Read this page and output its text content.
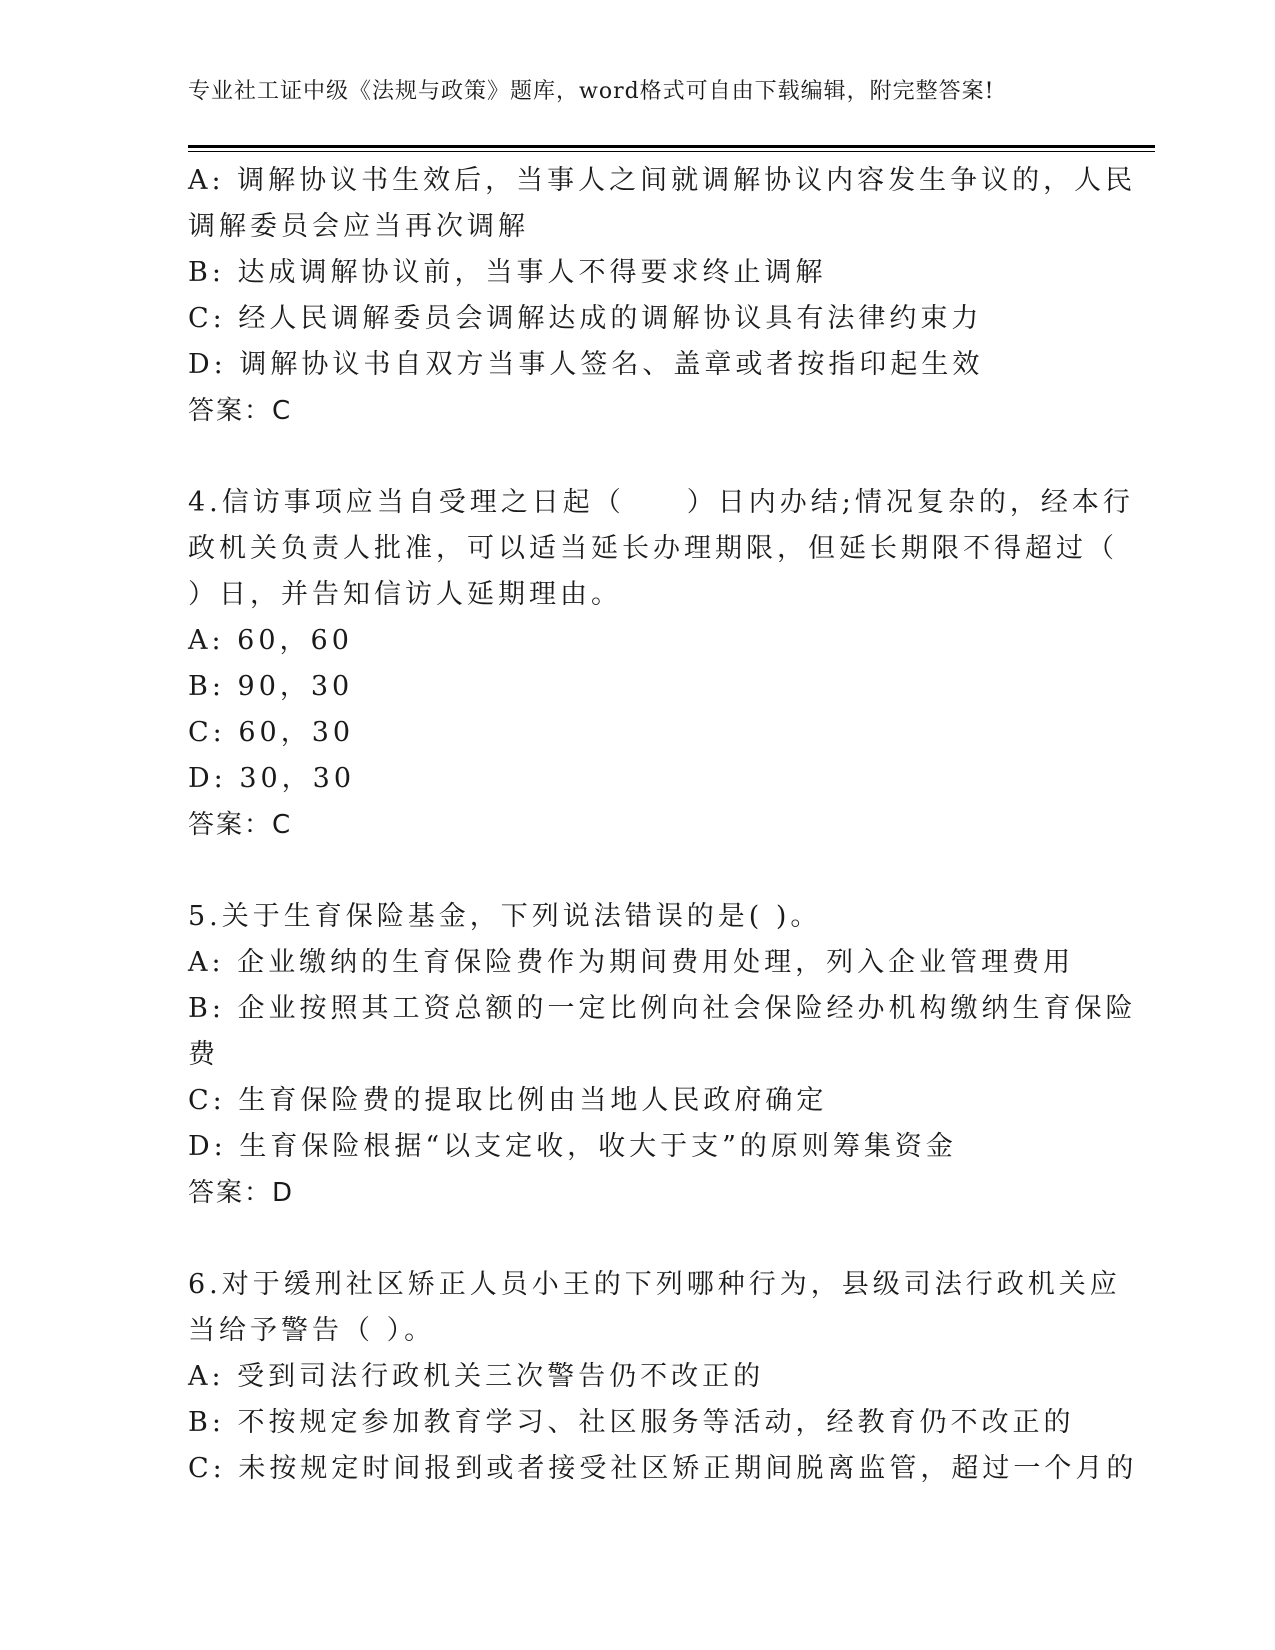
专业社工证中级《法规与政策》题库，word格式可自由下载编辑，附完整答案!
A: 调解协议书生效后，当事人之间就调解协议内容发生争议的，人民
调解委员会应当再次调解
B: 达成调解协议前，当事人不得要求终止调解
C: 经人民调解委员会调解达成的调解协议具有法律约束力
D: 调解协议书自双方当事人签名、盖章或者按指印起生效
答案：C
4.信访事项应当自受理之日起（　　）日内办结;情况复杂的，经本行
政机关负责人批准，可以适当延长办理期限，但延长期限不得超过（
）日，并告知信访人延期理由。
A: 60，60
B: 90，30
C: 60，30
D: 30，30
答案：C
5.关于生育保险基金，下列说法错误的是( )。
A: 企业缴纳的生育保险费作为期间费用处理，列入企业管理费用
B: 企业按照其工资总额的一定比例向社会保险经办机构缴纳生育保险
费
C: 生育保险费的提取比例由当地人民政府确定
D: 生育保险根据“以支定收，收大于支”的原则筹集资金
答案：D
6.对于缓刑社区矫正人员小王的下列哪种行为，县级司法行政机关应
当给予警告（ ）。
A: 受到司法行政机关三次警告仍不改正的
B: 不按规定参加教育学习、社区服务等活动，经教育仍不改正的
C: 未按规定时间报到或者接受社区矫正期间脱离监管，超过一个月的
